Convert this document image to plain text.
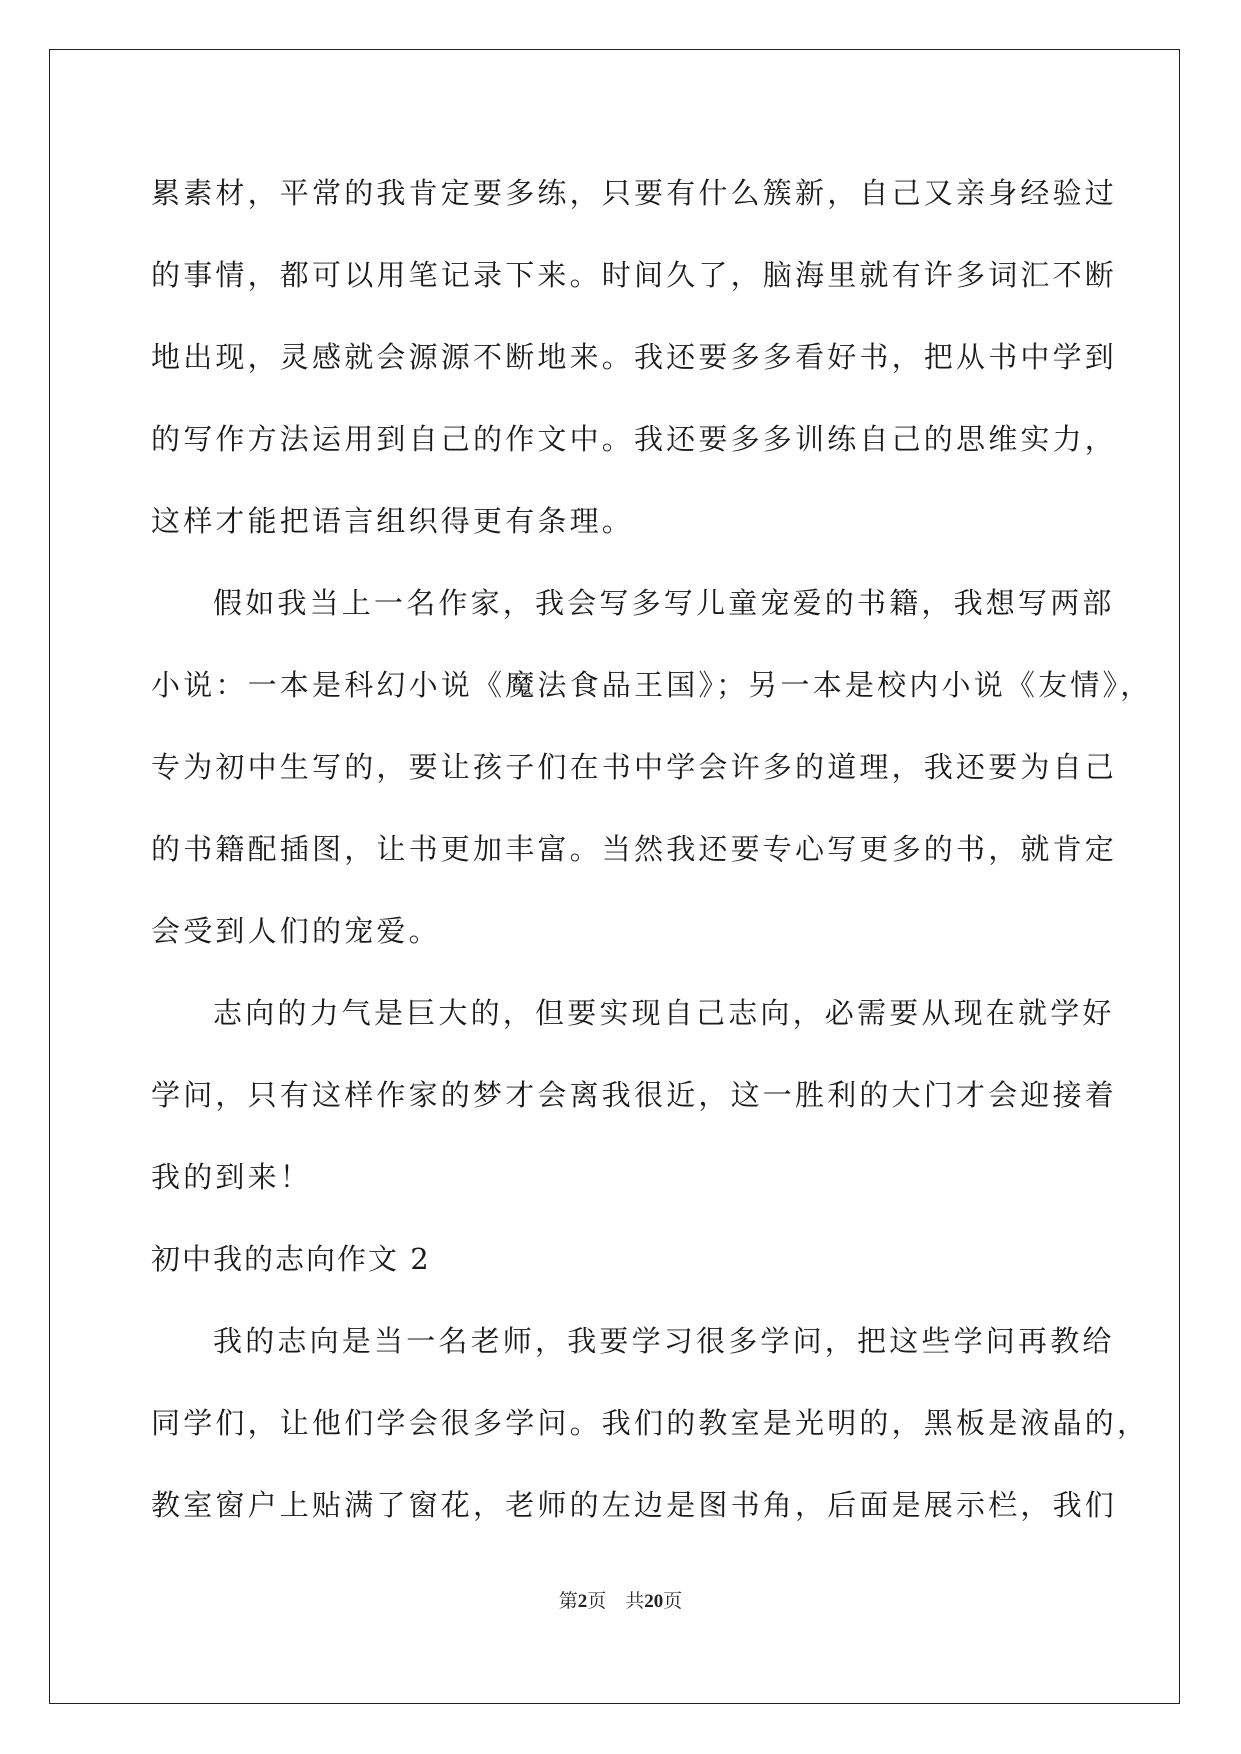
累素材，平常的我肯定要多练，只要有什么簇新，自己又亲身经验过
的事情，都可以用笔记录下来。时间久了，脑海里就有许多词汇不断
地出现，灵感就会源源不断地来。我还要多多看好书，把从书中学到
的写作方法运用到自己的作文中。我还要多多训练自己的思维实力，
这样才能把语言组织得更有条理。
假如我当上一名作家，我会写多写儿童宠爱的书籍，我想写两部
小说：一本是科幻小说《魔法食品王国》；另一本是校内小说《友情》，
专为初中生写的，要让孩子们在书中学会许多的道理，我还要为自己
的书籍配插图，让书更加丰富。当然我还要专心写更多的书，就肯定
会受到人们的宠爱。
志向的力气是巨大的，但要实现自己志向，必需要从现在就学好
学问，只有这样作家的梦才会离我很近，这一胜利的大门才会迎接着
我的到来！
初中我的志向作文 2
我的志向是当一名老师，我要学习很多学问，把这些学问再教给
同学们，让他们学会很多学问。我们的教室是光明的，黑板是液晶的，
教室窗户上贴满了窗花，老师的左边是图书角，后面是展示栏，我们
第2页 共20页
